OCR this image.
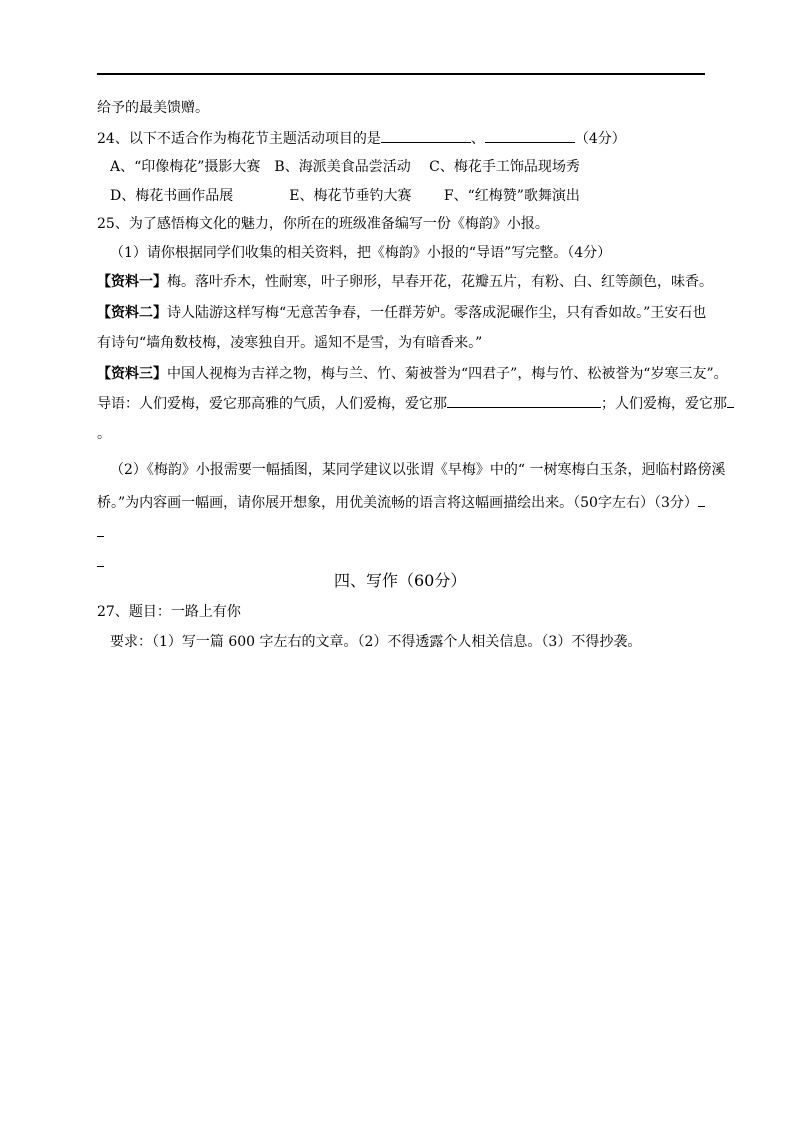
给予的最美馈赠。
24、以下不适合作为梅花节主题活动项目的是	、	（4分）
A、“印像梅花”摄影大赛　B、海派美食品尝活动　 C、梅花手工饰品现场秀
D、梅花书画作品展　　　　E、梅花节垂钓大赛　　 F、“红梅赞”歌舞演出
25、为了感悟梅文化的魅力，你所在的班级准备编写一份《梅韵》小报。
（1）请你根据同学们收集的相关资料，把《梅韵》小报的“导语”写完整。（4分）
【资料一】梅。落叶乔木，性耐寒，叶子卵形，早春开花，花瓣五片，有粉、白、红等颜色，味香。
【资料二】诗人陆游这样写梅“无意苦争春，一任群芳妒。零落成泥碾作尘，只有香如故。”王安石也
有诗句“墙角数枝梅，凌寒独自开。遥知不是雪，为有暗香来。”
【资料三】中国人视梅为吉祥之物，梅与兰、竹、菊被誉为“四君子”，梅与竹、松被誉为“岁寒三友”。
导语：人们爱梅，爱它那高雅的气质，人们爱梅，爱它那	；人们爱梅，爱它那
。
（2）《梅韵》小报需要一幅插图，某同学建议以张谓《早梅》中的“ 一树寒梅白玉条，迥临村路傍溪
桥。”为内容画一幅画，请你展开想象，用优美流畅的语言将这幅画描绘出来。（50字左右）（3分）
四、写作（60分）
27、题目：一路上有你
要求：（1）写一篇 600 字左右的文章。（2）不得透露个人相关信息。（3）不得抄袭。
